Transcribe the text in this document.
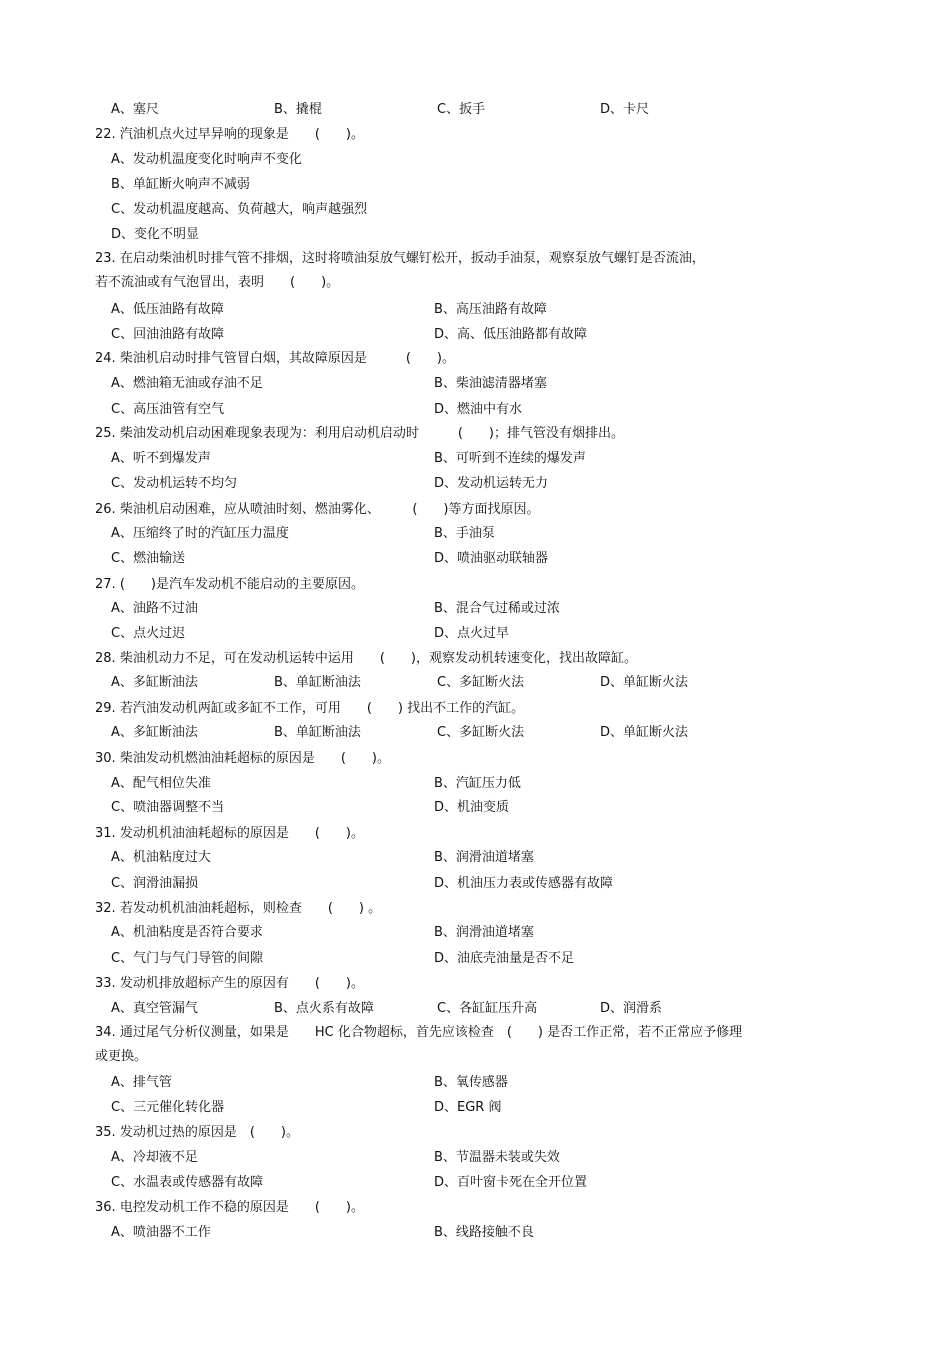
A、塞尺	B、撬棍	C、扳手	D、卡尺
22. 汽油机点火过早异响的现象是　　(　　)。
A、发动机温度变化时响声不变化
B、单缸断火响声不减弱
C、发动机温度越高、负荷越大，响声越强烈
D、变化不明显
23. 在启动柴油机时排气管不排烟，这时将喷油泵放气螺钉松开，扳动手油泵，观察泵放气螺钉是否流油，
若不流油或有气泡冒出，表明　　(　　)。
A、低压油路有故障	B、高压油路有故障
C、回油油路有故障	D、高、低压油路都有故障
24. 柴油机启动时排气管冒白烟，其故障原因是　　　(　　)。
A、燃油箱无油或存油不足	B、柴油滤清器堵塞
C、高压油管有空气	D、燃油中有水
25. 柴油发动机启动困难现象表现为：利用启动机启动时　　　(　　)；排气管没有烟排出。
A、听不到爆发声	B、可听到不连续的爆发声
C、发动机运转不均匀	D、发动机运转无力
26. 柴油机启动困难，应从喷油时刻、燃油雾化、　　　(　　)等方面找原因。
A、压缩终了时的汽缸压力温度	B、手油泵
C、燃油输送	D、喷油驱动联轴器
27. (　　)是汽车发动机不能启动的主要原因。
A、油路不过油	B、混合气过稀或过浓
C、点火过迟	D、点火过早
28. 柴油机动力不足，可在发动机运转中运用　　(　　)，观察发动机转速变化，找出故障缸。
A、多缸断油法	B、单缸断油法	C、多缸断火法	D、单缸断火法
29. 若汽油发动机两缸或多缸不工作，可用　　(　　) 找出不工作的汽缸。
A、多缸断油法	B、单缸断油法	C、多缸断火法	D、单缸断火法
30. 柴油发动机燃油油耗超标的原因是　　(　　)。
A、配气相位失准	B、汽缸压力低
C、喷油器调整不当	D、机油变质
31. 发动机机油油耗超标的原因是　　(　　)。
A、机油粘度过大	B、润滑油道堵塞
C、润滑油漏损	D、机油压力表或传感器有故障
32. 若发动机机油油耗超标，则检查　　(　　) 。
A、机油粘度是否符合要求	B、润滑油道堵塞
C、气门与气门导管的间隙	D、油底壳油量是否不足
33. 发动机排放超标产生的原因有　　(　　)。
A、真空管漏气	B、点火系有故障	C、各缸缸压升高	D、润滑系
34. 通过尾气分析仪测量，如果是　　HC 化合物超标，首先应该检查　(　　) 是否工作正常，若不正常应予修理
或更换。
A、排气管	B、氧传感器
C、三元催化转化器	D、EGR 阀
35. 发动机过热的原因是　(　　)。
A、冷却液不足	B、节温器未装或失效
C、水温表或传感器有故障	D、百叶窗卡死在全开位置
36. 电控发动机工作不稳的原因是　　(　　)。
A、喷油器不工作	B、线路接触不良
